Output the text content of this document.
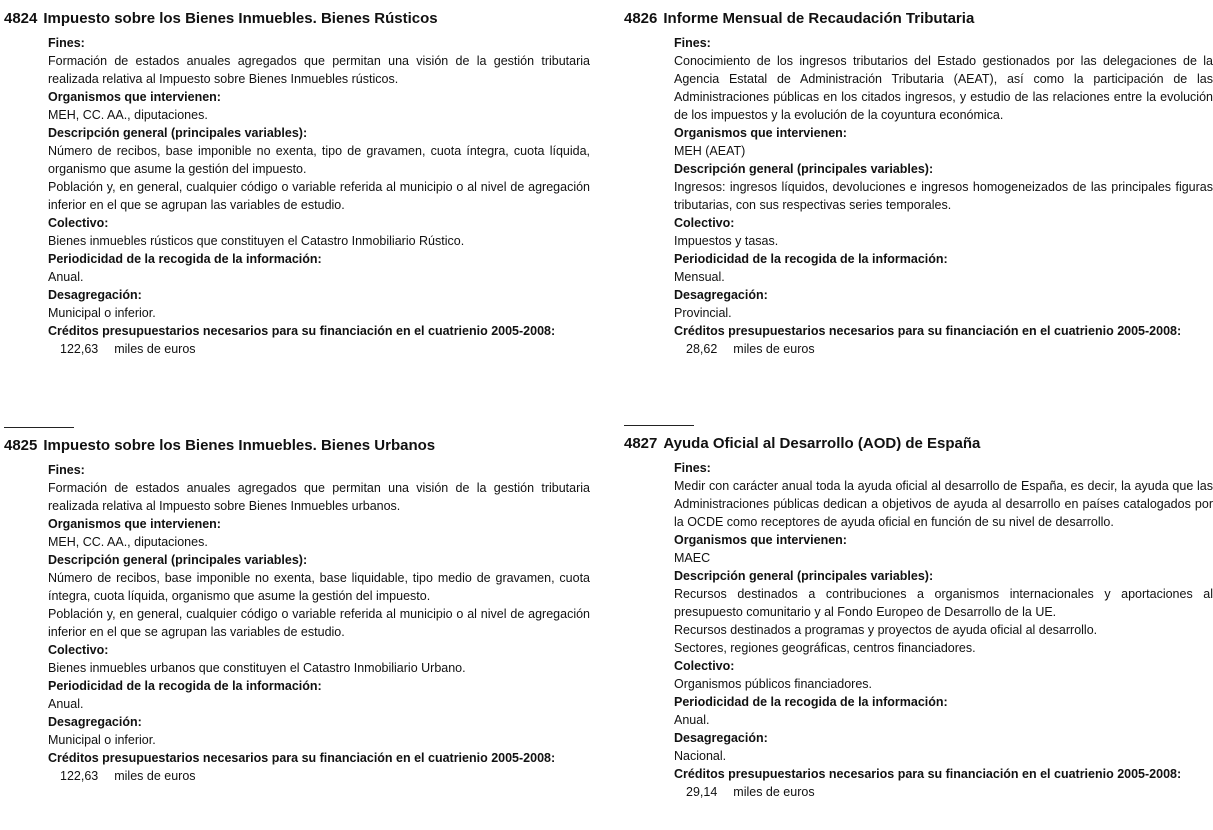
4824 Impuesto sobre los Bienes Inmuebles. Bienes Rústicos
Fines:
Formación de estados anuales agregados que permitan una visión de la gestión tributaria realizada relativa al Impuesto sobre Bienes Inmuebles rústicos.
Organismos que intervienen:
MEH, CC. AA., diputaciones.
Descripción general (principales variables):
Número de recibos, base imponible no exenta, tipo de gravamen, cuota íntegra, cuota líquida, organismo que asume la gestión del impuesto.
Población y, en general, cualquier código o variable referida al municipio o al nivel de agregación inferior en el que se agrupan las variables de estudio.
Colectivo:
Bienes inmuebles rústicos que constituyen el Catastro Inmobiliario Rústico.
Periodicidad de la recogida de la información:
Anual.
Desagregación:
Municipal o inferior.
Créditos presupuestarios necesarios para su financiación en el cuatrienio 2005-2008:
122,63 miles de euros
4825 Impuesto sobre los Bienes Inmuebles. Bienes Urbanos
Fines:
Formación de estados anuales agregados que permitan una visión de la gestión tributaria realizada relativa al Impuesto sobre Bienes Inmuebles urbanos.
Organismos que intervienen:
MEH, CC. AA., diputaciones.
Descripción general (principales variables):
Número de recibos, base imponible no exenta, base liquidable, tipo medio de gravamen, cuota íntegra, cuota líquida, organismo que asume la gestión del impuesto.
Población y, en general, cualquier código o variable referida al municipio o al nivel de agregación inferior en el que se agrupan las variables de estudio.
Colectivo:
Bienes inmuebles urbanos que constituyen el Catastro Inmobiliario Urbano.
Periodicidad de la recogida de la información:
Anual.
Desagregación:
Municipal o inferior.
Créditos presupuestarios necesarios para su financiación en el cuatrienio 2005-2008:
122,63 miles de euros
4826 Informe Mensual de Recaudación Tributaria
Fines:
Conocimiento de los ingresos tributarios del Estado gestionados por las delegaciones de la Agencia Estatal de Administración Tributaria (AEAT), así como la participación de las Administraciones públicas en los citados ingresos, y estudio de las relaciones entre la evolución de los impuestos y la evolución de la coyuntura económica.
Organismos que intervienen:
MEH (AEAT)
Descripción general (principales variables):
Ingresos: ingresos líquidos, devoluciones e ingresos homogeneizados de las principales figuras tributarias, con sus respectivas series temporales.
Colectivo:
Impuestos y tasas.
Periodicidad de la recogida de la información:
Mensual.
Desagregación:
Provincial.
Créditos presupuestarios necesarios para su financiación en el cuatrienio 2005-2008:
28,62 miles de euros
4827 Ayuda Oficial al Desarrollo (AOD) de España
Fines:
Medir con carácter anual toda la ayuda oficial al desarrollo de España, es decir, la ayuda que las Administraciones públicas dedican a objetivos de ayuda al desarrollo en países catalogados por la OCDE como receptores de ayuda oficial en función de su nivel de desarrollo.
Organismos que intervienen:
MAEC
Descripción general (principales variables):
Recursos destinados a contribuciones a organismos internacionales y aportaciones al presupuesto comunitario y al Fondo Europeo de Desarrollo de la UE.
Recursos destinados a programas y proyectos de ayuda oficial al desarrollo.
Sectores, regiones geográficas, centros financiadores.
Colectivo:
Organismos públicos financiadores.
Periodicidad de la recogida de la información:
Anual.
Desagregación:
Nacional.
Créditos presupuestarios necesarios para su financiación en el cuatrienio 2005-2008:
29,14 miles de euros
